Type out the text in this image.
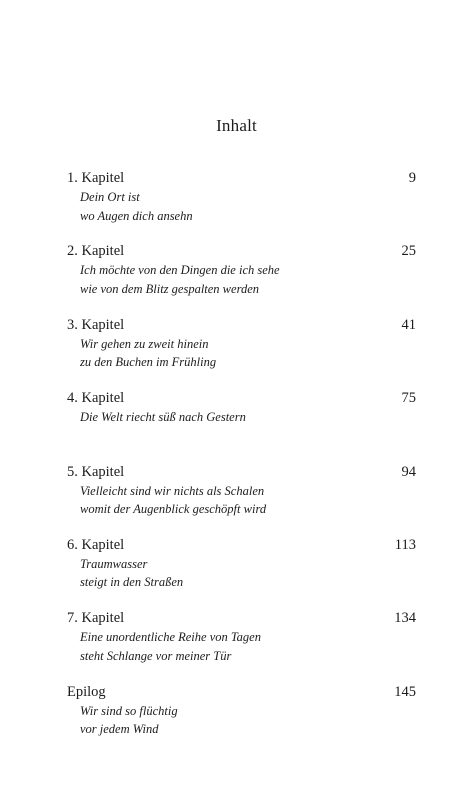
Inhalt
1. Kapitel	9
Dein Ort ist
wo Augen dich ansehn
2. Kapitel	25
Ich möchte von den Dingen die ich sehe
wie von dem Blitz gespalten werden
3. Kapitel	41
Wir gehen zu zweit hinein
zu den Buchen im Frühling
4. Kapitel	75
Die Welt riecht süß nach Gestern
5. Kapitel	94
Vielleicht sind wir nichts als Schalen
womit der Augenblick geschöpft wird
6. Kapitel	113
Traumwasser
steigt in den Straßen
7. Kapitel	134
Eine unordentliche Reihe von Tagen
steht Schlange vor meiner Tür
Epilog	145
Wir sind so flüchtig
vor jedem Wind
